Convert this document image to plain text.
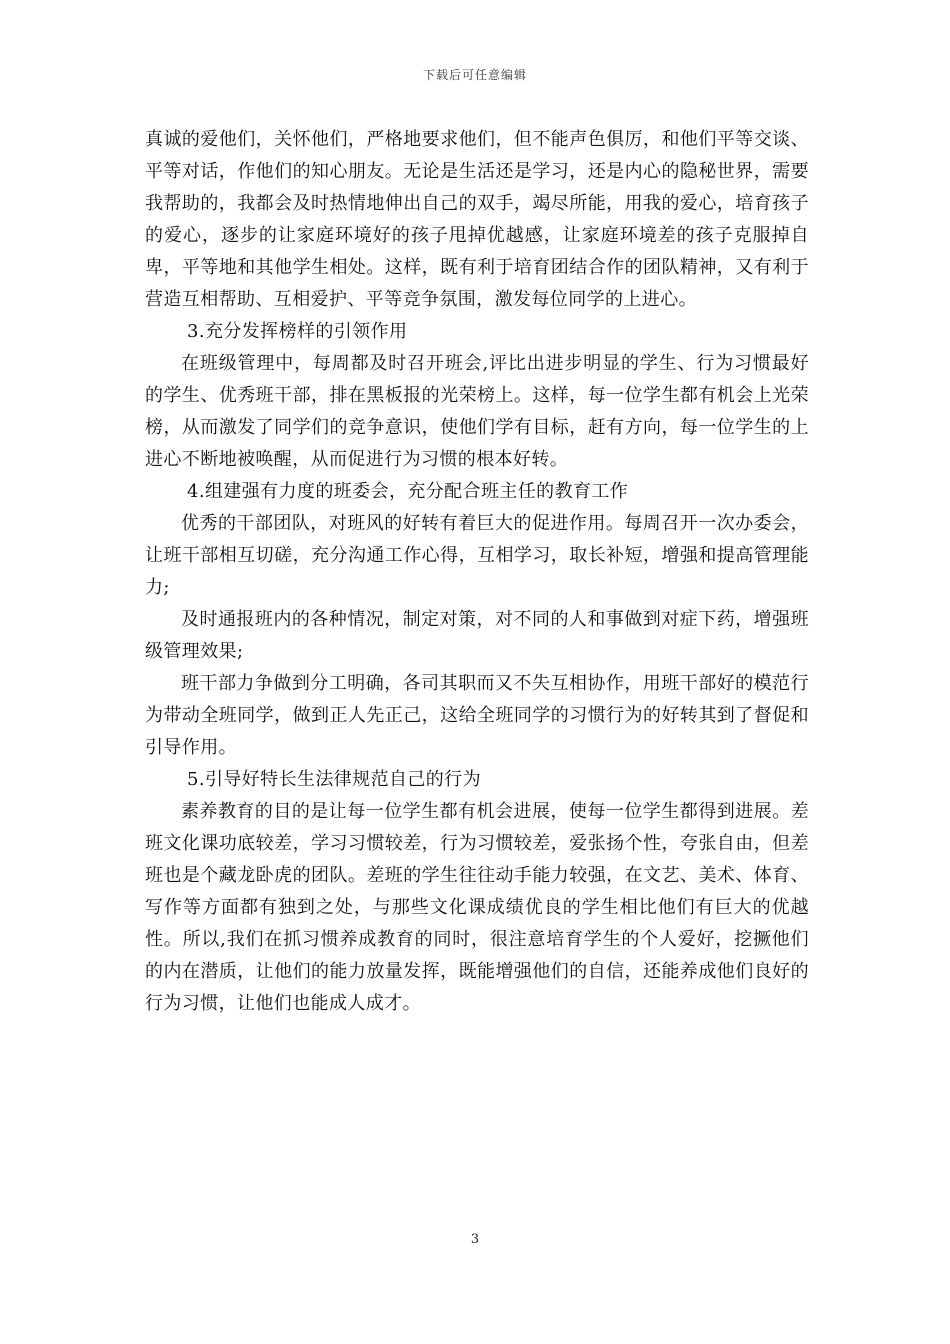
下载后可任意编辑

真诚的爱他们，关怀他们，严格地要求他们，但不能声色俱厉，和他们平等交谈、平等对话，作他们的知心朋友。无论是生活还是学习，还是内心的隐秘世界，需要我帮助的，我都会及时热情地伸出自己的双手，竭尽所能，用我的爱心，培育孩子的爱心，逐步的让家庭环境好的孩子甩掉优越感，让家庭环境差的孩子克服掉自卑，平等地和其他学生相处。这样，既有利于培育团结合作的团队精神，又有利于营造互相帮助、互相爱护、平等竞争氛围，激发每位同学的上进心。

3.充分发挥榜样的引领作用

在班级管理中，每周都及时召开班会,评比出进步明显的学生、行为习惯最好的学生、优秀班干部，排在黑板报的光荣榜上。这样，每一位学生都有机会上光荣榜，从而激发了同学们的竞争意识，使他们学有目标，赶有方向，每一位学生的上进心不断地被唤醒，从而促进行为习惯的根本好转。

4.组建强有力度的班委会，充分配合班主任的教育工作

优秀的干部团队，对班风的好转有着巨大的促进作用。每周召开一次办委会，让班干部相互切磋，充分沟通工作心得，互相学习，取长补短，增强和提高管理能力;

及时通报班内的各种情况，制定对策，对不同的人和事做到对症下药，增强班级管理效果;

班干部力争做到分工明确，各司其职而又不失互相协作，用班干部好的模范行为带动全班同学，做到正人先正己，这给全班同学的习惯行为的好转其到了督促和引导作用。

5.引导好特长生法律规范自己的行为

素养教育的目的是让每一位学生都有机会进展，使每一位学生都得到进展。差班文化课功底较差，学习习惯较差，行为习惯较差，爱张扬个性，夸张自由，但差班也是个藏龙卧虎的团队。差班的学生往往动手能力较强，在文艺、美术、体育、写作等方面都有独到之处，与那些文化课成绩优良的学生相比他们有巨大的优越性。所以,我们在抓习惯养成教育的同时，很注意培育学生的个人爱好，挖撅他们的内在潜质，让他们的能力放量发挥，既能增强他们的自信，还能养成他们良好的行为习惯，让他们也能成人成才。

3
